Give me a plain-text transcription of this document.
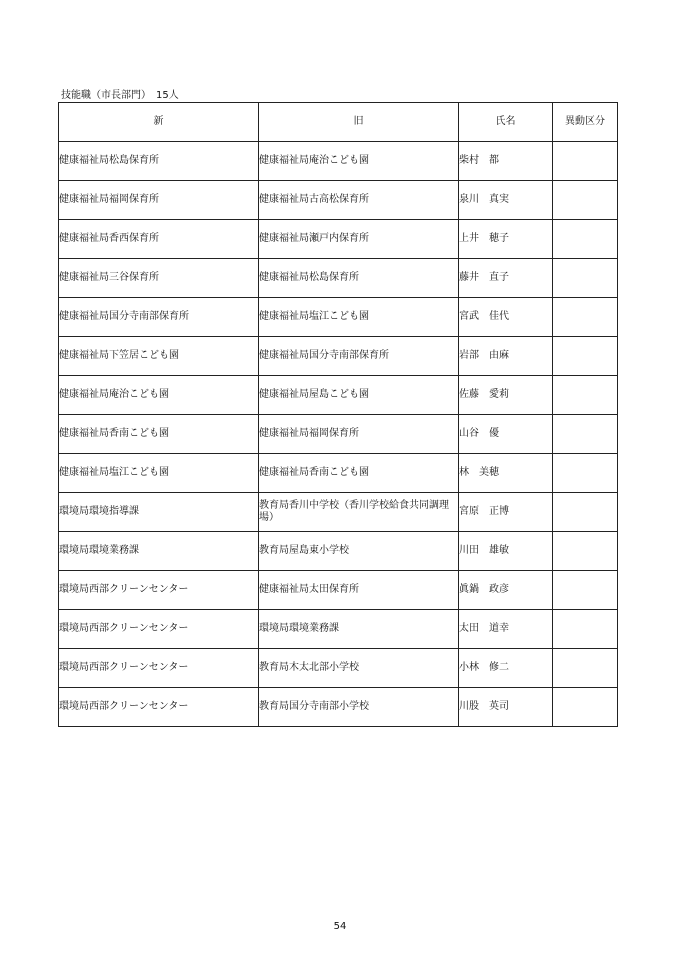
技能職（市長部門）　15人
新	旧	氏名	異動区分
健康福祉局松島保育所	健康福祉局庵治こども園	柴村　都	
健康福祉局福岡保育所	健康福祉局古高松保育所	泉川　真実	
健康福祉局香西保育所	健康福祉局瀬戸内保育所	上井　穂子	
健康福祉局三谷保育所	健康福祉局松島保育所	藤井　直子	
健康福祉局国分寺南部保育所	健康福祉局塩江こども園	宮武　佳代	
健康福祉局下笠居こども園	健康福祉局国分寺南部保育所	岩部　由麻	
健康福祉局庵治こども園	健康福祉局屋島こども園	佐藤　愛莉	
健康福祉局香南こども園	健康福祉局福岡保育所	山谷　優	
健康福祉局塩江こども園	健康福祉局香南こども園	林　美穂	
環境局環境指導課	教育局香川中学校（香川学校給食共同調理場）	宮原　正博	
環境局環境業務課	教育局屋島東小学校	川田　雄敏	
環境局西部クリーンセンター	健康福祉局太田保育所	眞鍋　政彦	
環境局西部クリーンセンター	環境局環境業務課	太田　道幸	
環境局西部クリーンセンター	教育局木太北部小学校	小林　修二	
環境局西部クリーンセンター	教育局国分寺南部小学校	川股　英司	
54
